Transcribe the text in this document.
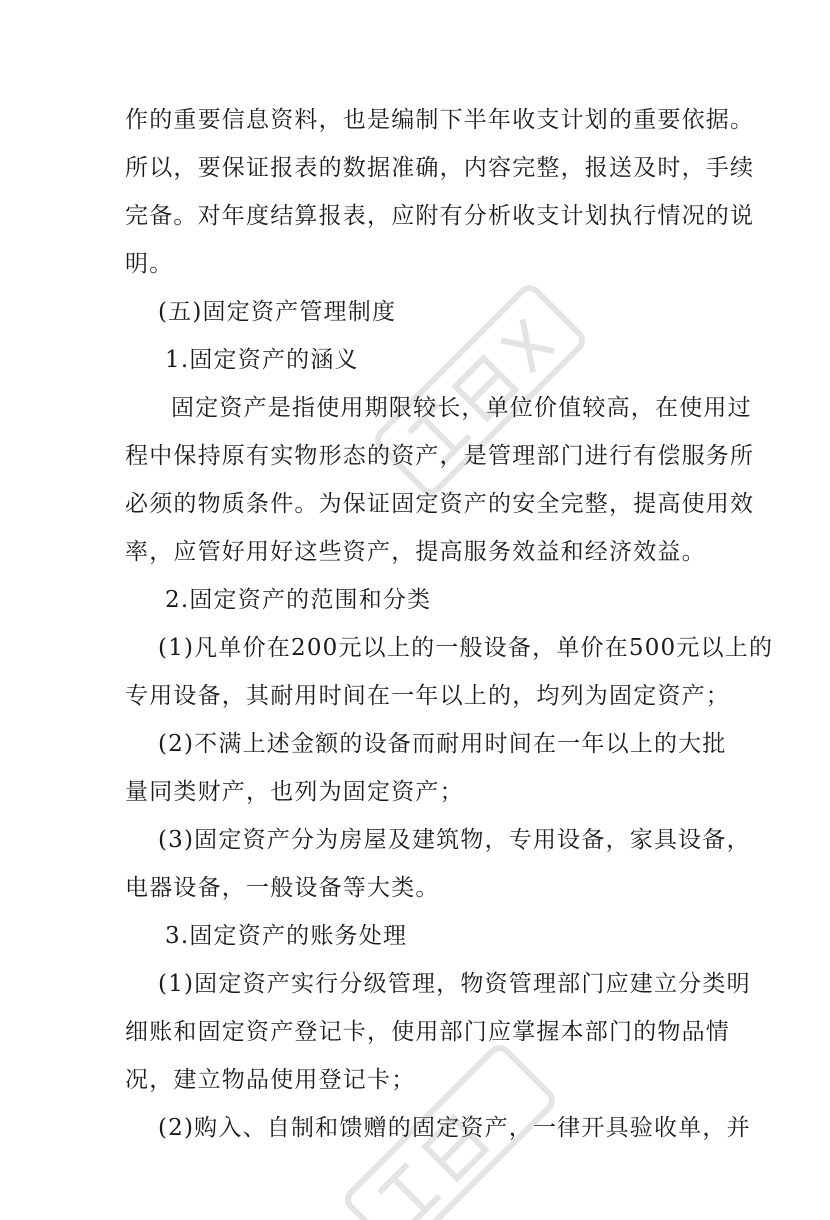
作的重要信息资料，也是编制下半年收支计划的重要依据。
所以，要保证报表的数据准确，内容完整，报送及时，手续
完备。对年度结算报表，应附有分析收支计划执行情况的说
明。
(五)固定资产管理制度
1.固定资产的涵义
固定资产是指使用期限较长，单位价值较高，在使用过
程中保持原有实物形态的资产，是管理部门进行有偿服务所
必须的物质条件。为保证固定资产的安全完整，提高使用效
率，应管好用好这些资产，提高服务效益和经济效益。
2.固定资产的范围和分类
(1)凡单价在200元以上的一般设备，单价在500元以上的
专用设备，其耐用时间在一年以上的，均列为固定资产；
(2)不满上述金额的设备而耐用时间在一年以上的大批
量同类财产，也列为固定资产；
(3)固定资产分为房屋及建筑物，专用设备，家具设备，
电器设备，一般设备等大类。
3.固定资产的账务处理
(1)固定资产实行分级管理，物资管理部门应建立分类明
细账和固定资产登记卡，使用部门应掌握本部门的物品情
况，建立物品使用登记卡；
(2)购入、自制和馈赠的固定资产，一律开具验收单，并
